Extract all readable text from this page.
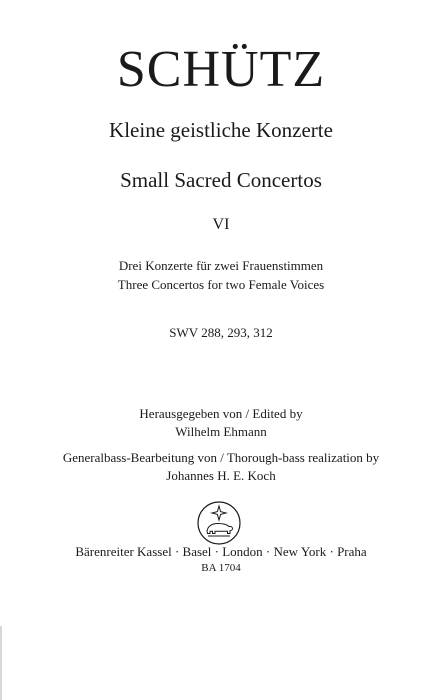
SCHÜTZ
Kleine geistliche Konzerte
Small Sacred Concertos
VI
Drei Konzerte für zwei Frauenstimmen
Three Concertos for two Female Voices
SWV 288, 293, 312
Herausgegeben von / Edited by
Wilhelm Ehmann
Generalbass-Bearbeitung von / Thorough-bass realization by
Johannes H. E. Koch
Bärenreiter Kassel · Basel · London · New York · Praha
BA 1704
